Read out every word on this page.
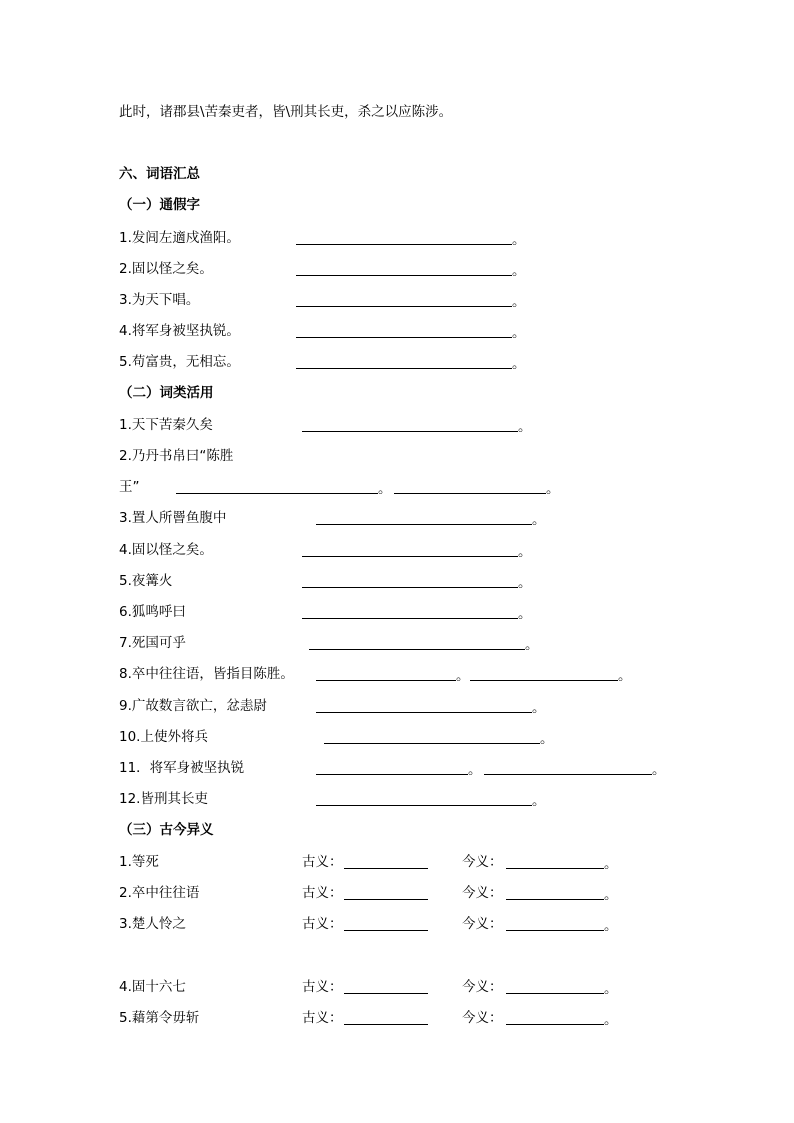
此时，诸郡县\苦秦吏者，皆\刑其长吏，杀之以应陈涉。
六、词语汇总
（一）通假字
1.发闾左適戍渔阳。	。
2.固以怪之矣。	。
3.为天下唱。	。
4.将军身被坚执锐。	。
5.苟富贵，无相忘。	。
（二）词类活用
1.天下苦秦久矣	。
2.乃丹书帛曰“陈胜
王”	。	。
3.置人所罾鱼腹中	。
4.固以怪之矣。	。
5.夜篝火	。
6.狐鸣呼曰	。
7.死国可乎	。
8.卒中往往语，皆指目陈胜。	。	。
9.广故数言欲亡，忿恚尉	。
10.上使外将兵	。
11．将军身被坚执锐	。	。
12.皆刑其长吏	。
（三）古今异义
1.等死	古义：	今义：	。
2.卒中往往语	古义：	今义：	。
3.楚人怜之	古义：	今义：	。
4.固十六七	古义：	今义：	。
5.藉第令毋斩	古义：	今义：	。
